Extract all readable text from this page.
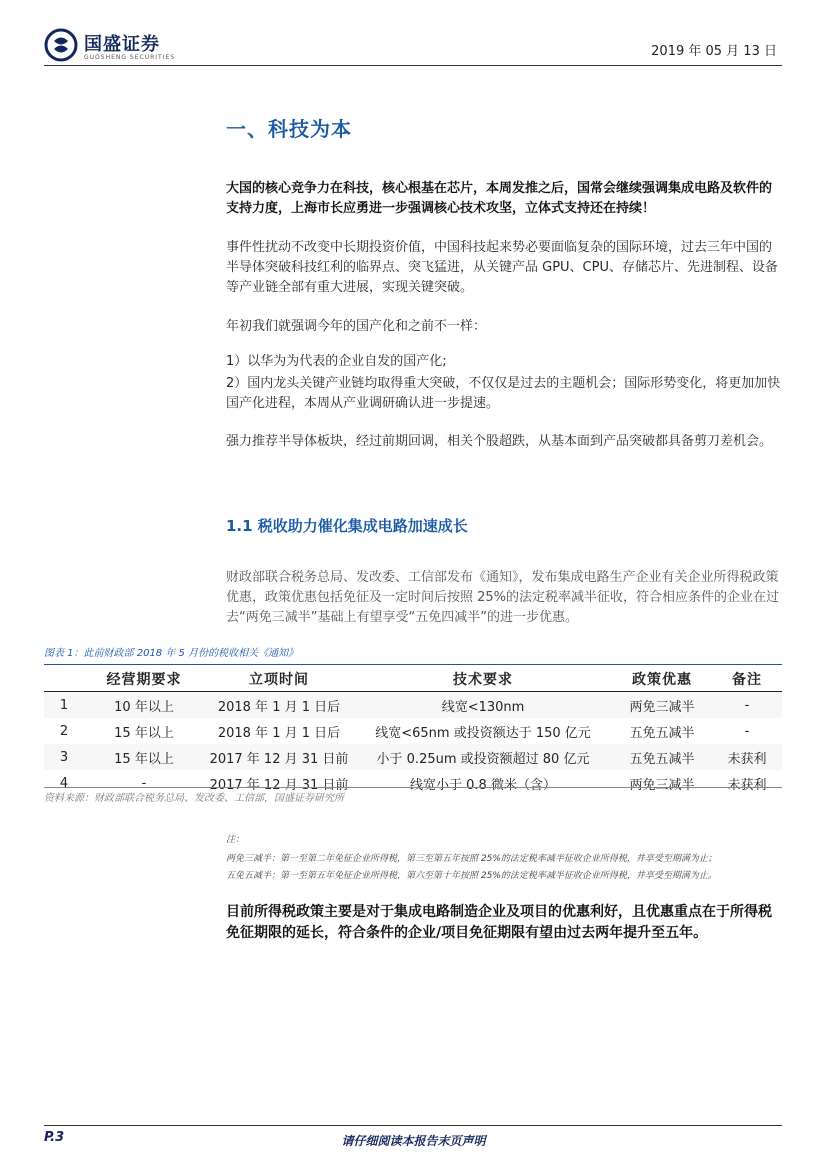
国盛证券
GUOSHENG SECURITIES	2019 年 05 月 13 日
一、科技为本
大国的核心竞争力在科技，核心根基在芯片，本周发推之后，国常会继续强调集成电路及软件的支持力度，上海市长应勇进一步强调核心技术攻坚，立体式支持还在持续！
事件性扰动不改变中长期投资价值，中国科技起来势必要面临复杂的国际环境，过去三年中国的半导体突破科技红利的临界点、突飞猛进，从关键产品 GPU、CPU、存储芯片、先进制程、设备等产业链全部有重大进展，实现关键突破。
年初我们就强调今年的国产化和之前不一样：
1）以华为为代表的企业自发的国产化;
2）国内龙头关键产业链均取得重大突破，不仅仅是过去的主题机会；国际形势变化，将更加加快国产化进程，本周从产业调研确认进一步提速。
强力推荐半导体板块，经过前期回调，相关个股超跌，从基本面到产品突破都具备剪刀差机会。
1.1 税收助力催化集成电路加速成长
财政部联合税务总局、发改委、工信部发布《通知》，发布集成电路生产企业有关企业所得税政策优惠，政策优惠包括免征及一定时间后按照 25%的法定税率减半征收，符合相应条件的企业在过去“两免三减半”基础上有望享受“五免四减半”的进一步优惠。
图表 1：此前财政部 2018 年 5 月份的税收相关《通知》
	经营期要求	立项时间	技术要求	政策优惠	备注
1	10 年以上	2018 年 1 月 1 日后	线宽<130nm	两免三减半	-
2	15 年以上	2018 年 1 月 1 日后	线宽<65nm 或投资额达于 150 亿元	五免五减半	-
3	15 年以上	2017 年 12 月 31 日前	小于 0.25um 或投资额超过 80 亿元	五免五减半	未获利
4	-	2017 年 12 月 31 日前	线宽小于 0.8 微米（含）	两免三减半	未获利
资料来源：财政部联合税务总局、发改委、工信部，国盛证券研究所
注：
两免三减半：第一至第二年免征企业所得税，第三至第五年按照 25%的法定税率减半征收企业所得税，并享受至期满为止；
五免五减半：第一至第五年免征企业所得税，第六至第十年按照 25%的法定税率减半征收企业所得税，并享受至期满为止。
目前所得税政策主要是对于集成电路制造企业及项目的优惠利好，且优惠重点在于所得税免征期限的延长，符合条件的企业/项目免征期限有望由过去两年提升至五年。
P.3	请仔细阅读本报告末页声明
